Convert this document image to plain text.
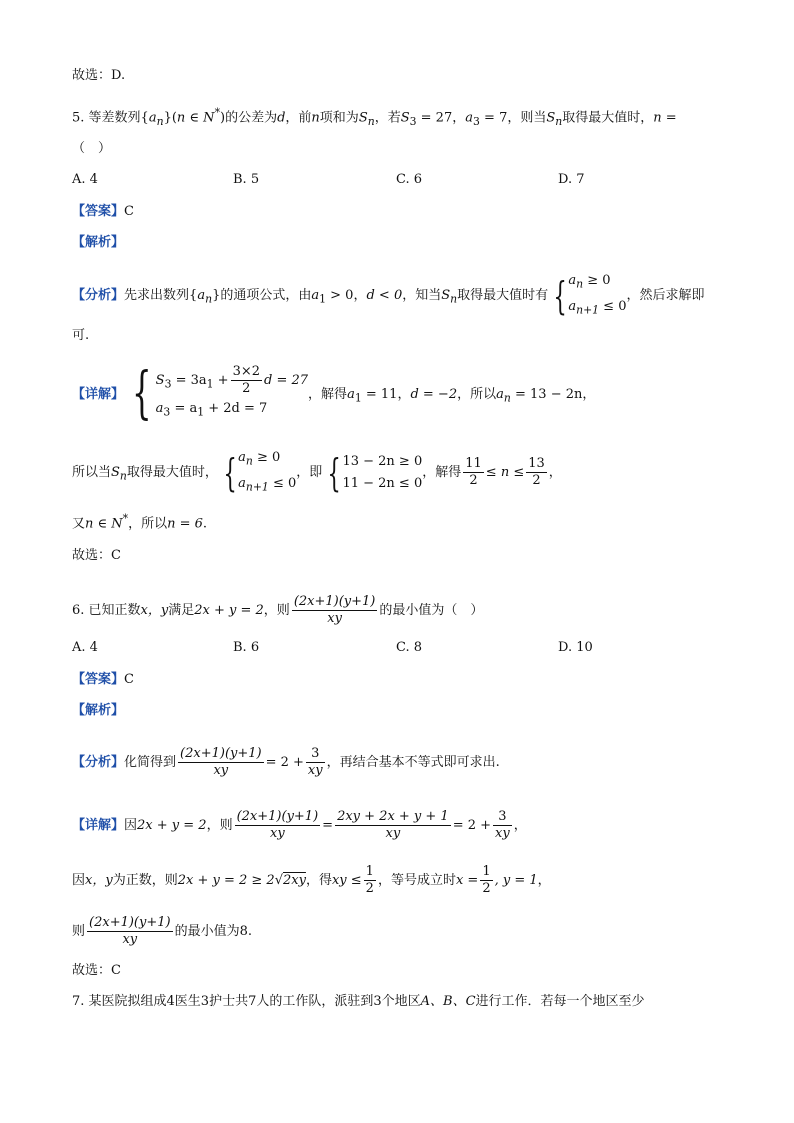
故选：D.
5. 等差数列$\{a_n\}(n$ ∈ N*)的公差为d，前n项和为$S_n$，若$S_3 = 27$，$a_3 = 7$，则当$S_n$取得最大值时，n =
（　）
A. 4	B. 5	C. 6	D. 7
【答案】C
【解析】
【分析】先求出数列$\{a_n\}$的通项公式，由$a_1 > 0$，d < 0，知当$S_n$取得最大值时有 { $a_n \ge 0$
$a_{n+1} \le 0$
，然后求解即
可.
【详解】 { $S_3 = 3a_1 + \frac{3\times 2}{2}$ d = 27
$a_3 = a_1 + 2d = 7$
，解得$a_1 = 11$，d = −2，所以$a_n = 13 - 2n$，
所以当$S_n$取得最大值时， { $a_n \ge 0$
$a_{n+1} \le 0$
，即 { 13 − 2n ≥ 0
11 − 2n ≤ 0
，解得 $\frac{11}{2} \le n \le \frac{13}{2}$ ，
又n ∈ N*，所以n = 6.
故选：C
6. 已知正数x，y满足2x + y = 2，则 $\frac{(2x+1)(y+1)}{xy}$ 的最小值为（　）
A. 4	B. 6	C. 8	D. 10
【答案】C
【解析】
【分析】化简得到 $\frac{(2x+1)(y+1)}{xy} = 2 + \frac{3}{xy}$ ，再结合基本不等式即可求出.
【详解】因2x + y = 2，则 $\frac{(2x+1)(y+1)}{xy} = \frac{2xy + 2x + y + 1}{xy} = 2 + \frac{3}{xy}$ ，
因x，y为正数，则2x + y = 2 ≥ 2√2xy，得xy ≤ $\frac{1}{2}$ ，等号成立时$x = \frac{1}{2}$ , y = 1，
则 $\frac{(2x+1)(y+1)}{xy}$ 的最小值为8.
故选：C
7. 某医院拟组成4医生3护士共7人的工作队，派驻到3个地区A、B、C进行工作．若每一个地区至少
